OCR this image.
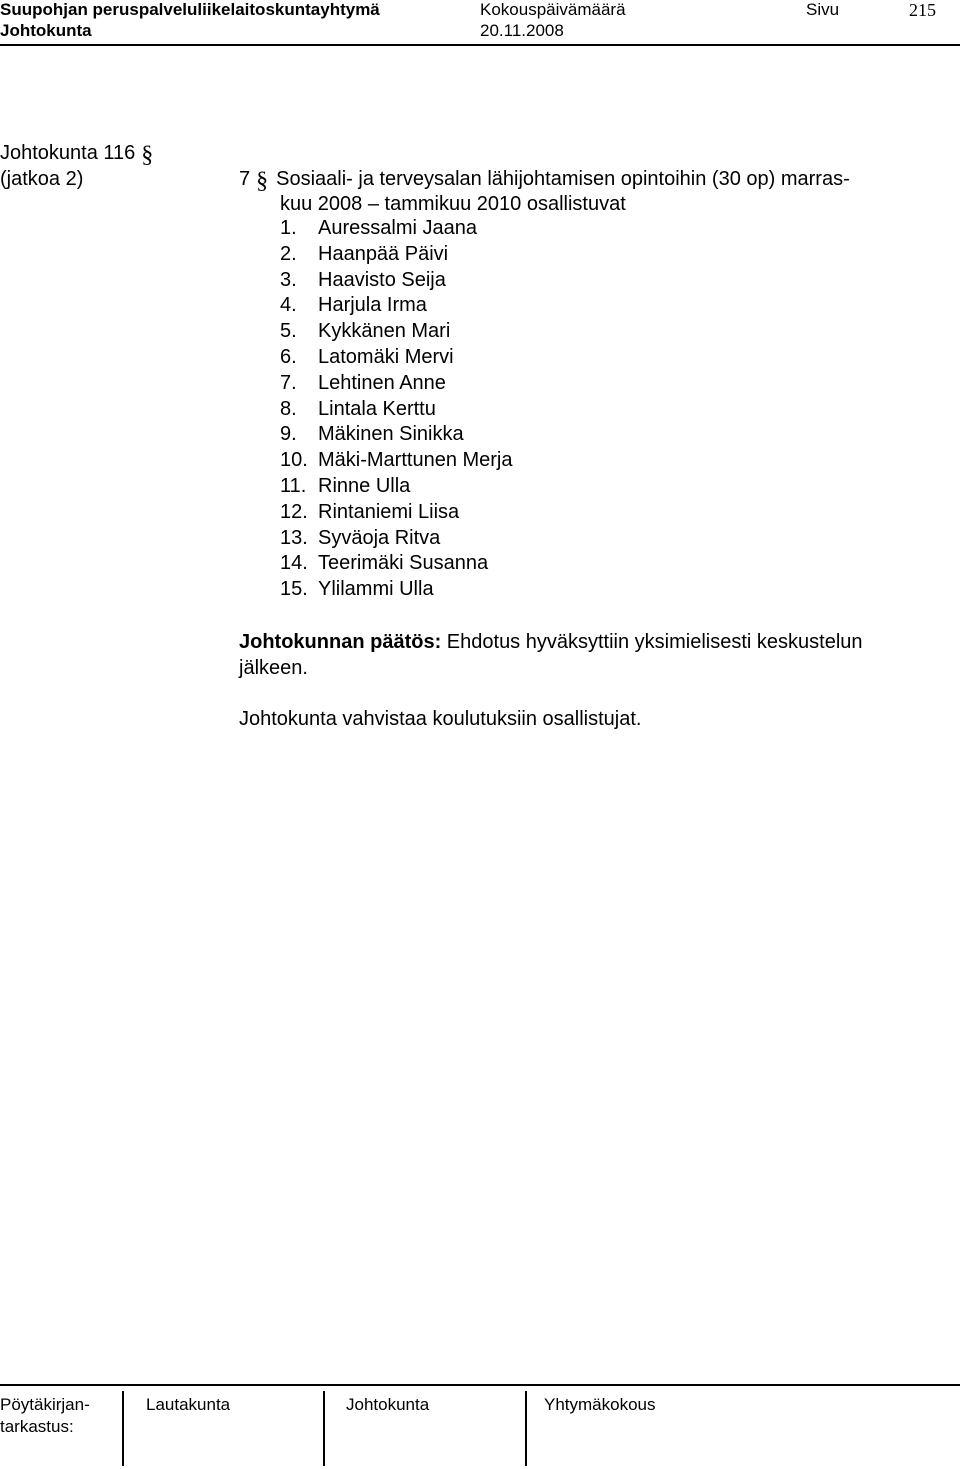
Suupohjan peruspalveluliikelaitoskuntayhtymä	Kokouspäivämäärä	Sivu	215
Johtokunta	20.11.2008
Johtokunta 116 §
(jatkoa 2)	7 § Sosiaali- ja terveysalan lähijohtamisen opintoihin (30 op) marras-
kuu 2008 – tammikuu 2010 osallistuvat
1. Auressalmi Jaana
2. Haanpää Päivi
3. Haavisto Seija
4. Harjula Irma
5. Kykkänen Mari
6. Latomäki Mervi
7. Lehtinen Anne
8. Lintala Kerttu
9. Mäkinen Sinikka
10. Mäki-Marttunen Merja
11. Rinne Ulla
12. Rintaniemi Liisa
13. Syväoja Ritva
14. Teerimäki Susanna
15. Ylilammi Ulla
Johtokunnan päätös: Ehdotus hyväksyttiin yksimielisesti keskustelun
jälkeen.
Johtokunta vahvistaa koulutuksiin osallistujat.
Pöytäkirjan-
tarkastus:
Lautakunta	Johtokunta	Yhtymäkokous
